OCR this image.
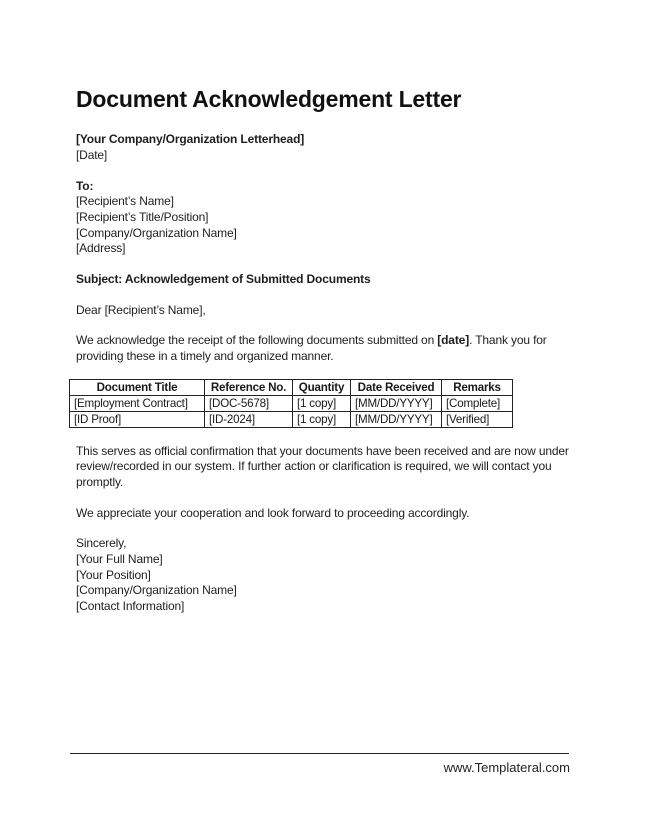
Document Acknowledgement Letter
[Your Company/Organization Letterhead]
[Date]
To:
[Recipient’s Name]
[Recipient’s Title/Position]
[Company/Organization Name]
[Address]
Subject: Acknowledgement of Submitted Documents
Dear [Recipient’s Name],
We acknowledge the receipt of the following documents submitted on [date]. Thank you for
providing these in a timely and organized manner.
Document Title	Reference No.	Quantity	Date Received	Remarks
[Employment Contract]	[DOC-5678]	[1 copy]	[MM/DD/YYYY]	[Complete]
[ID Proof]	[ID-2024]	[1 copy]	[MM/DD/YYYY]	[Verified]
This serves as official confirmation that your documents have been received and are now under
review/recorded in our system. If further action or clarification is required, we will contact you
promptly.
We appreciate your cooperation and look forward to proceeding accordingly.
Sincerely,
[Your Full Name]
[Your Position]
[Company/Organization Name]
[Contact Information]
www.Templateral.com
